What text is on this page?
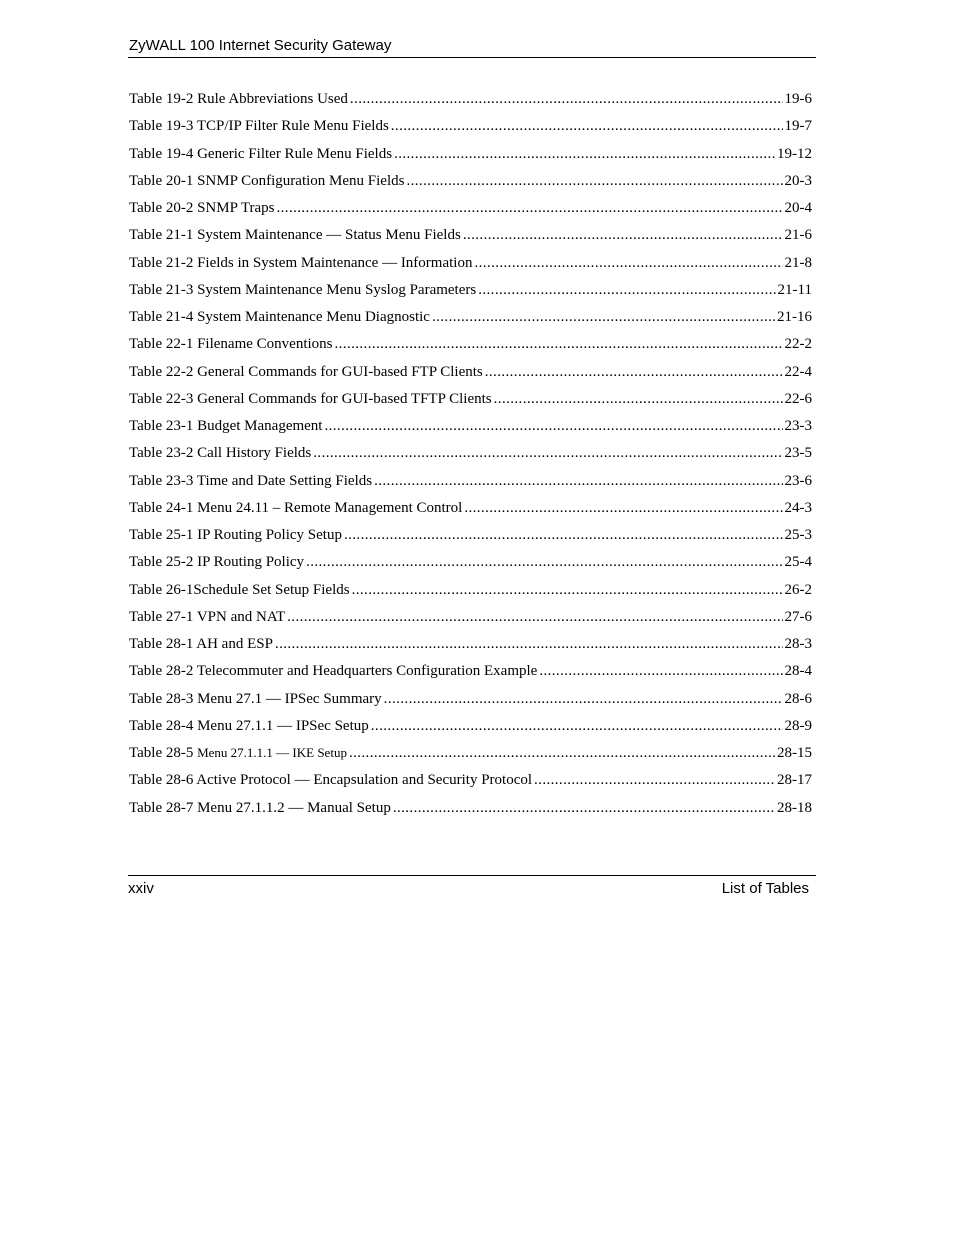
ZyWALL 100 Internet Security Gateway
Table 19-2 Rule Abbreviations Used .....	19-6
Table 19-3 TCP/IP Filter Rule Menu Fields .....	19-7
Table 19-4 Generic Filter Rule Menu Fields .....	19-12
Table 20-1 SNMP Configuration Menu Fields .....	20-3
Table 20-2 SNMP Traps .....	20-4
Table 21-1 System Maintenance — Status Menu Fields .....	21-6
Table 21-2 Fields in System Maintenance — Information .....	21-8
Table 21-3 System Maintenance Menu Syslog Parameters .....	21-11
Table 21-4 System Maintenance Menu Diagnostic .....	21-16
Table 22-1 Filename Conventions .....	22-2
Table 22-2 General Commands for GUI-based FTP Clients .....	22-4
Table 22-3 General Commands for GUI-based TFTP Clients .....	22-6
Table 23-1 Budget Management .....	23-3
Table 23-2 Call History Fields .....	23-5
Table 23-3 Time and Date Setting Fields .....	23-6
Table 24-1 Menu 24.11 – Remote Management Control .....	24-3
Table 25-1 IP Routing Policy Setup .....	25-3
Table 25-2 IP Routing Policy .....	25-4
Table 26-1Schedule Set Setup Fields .....	26-2
Table 27-1 VPN and NAT .....	27-6
Table 28-1 AH and ESP .....	28-3
Table 28-2 Telecommuter and Headquarters Configuration Example .....	28-4
Table 28-3 Menu 27.1 — IPSec Summary .....	28-6
Table 28-4 Menu 27.1.1 — IPSec Setup .....	28-9
Table 28-5 Menu 27.1.1.1 — IKE Setup .....	28-15
Table 28-6 Active Protocol — Encapsulation and Security Protocol .....	28-17
Table 28-7 Menu 27.1.1.2 — Manual Setup .....	28-18
xxiv	List of Tables
